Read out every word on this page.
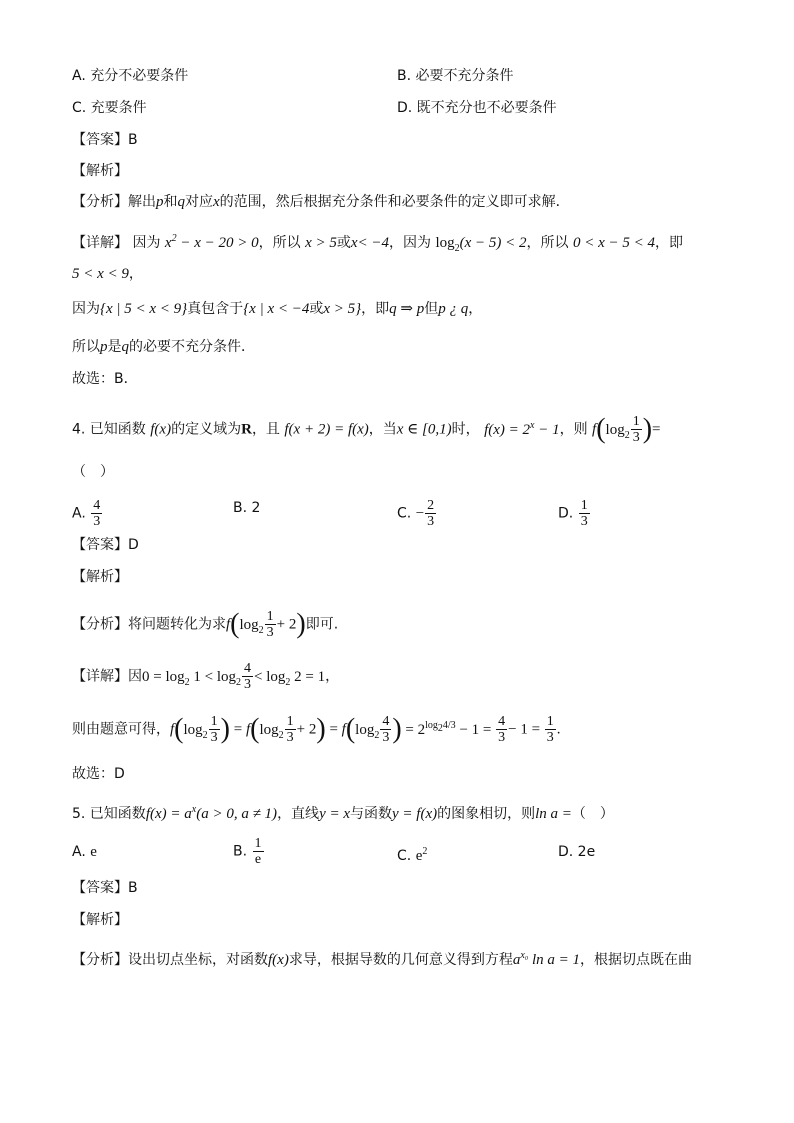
A. 充分不必要条件	B. 必要不充分条件
C. 充要条件	D. 既不充分也不必要条件
【答案】B
【解析】
【分析】解出p和q对应x的范围，然后根据充分条件和必要条件的定义即可求解．
【详解】 因为 $x^2 - x - 20 > 0$，所以 x > 5或x< −4，因为 $\log_2(x - 5) < 2$，所以 0 < x − 5 < 4，即
5 < x < 9，
因为{x | 5 < x < 9}真包含于{x | x < −4或x > 5}，即q ⇒ p但p ¿ q，
所以p是q的必要不充分条件．
故选：B．
4. 已知函数 f(x)的定义域为R，且 f(x + 2) = f(x)，当x ∈ [0,1)时， $f(x) = 2^x - 1$，则 $f(\log_2 \frac{1}{3}$ )=
（　）
A. $\frac{4}{3}$	B. 2	C. − $\frac{2}{3}$	D. $\frac{1}{3}$
【答案】D
【解析】
【分析】将问题转化为求$f(\log_2 \frac{1}{3} + 2)$即可.
【详解】因$0 = \log_2 1 < \log_2 \frac{4}{3} < \log_2 2 = 1$，
则由题意可得，$f(\log_2 \frac{1}{3}$ ) = $f(\log_2 \frac{1}{3} + 2) = f(\log_2 \frac{4}{3}$ ) = $2^{log_24/3} - 1 = \frac{4}{3} - 1 = \frac{1}{3}$ .
故选：D
5. 已知函数$f(x) = a^x(a > 0$, a ≠ 1)，直线y = x与函数y = f(x)的图象相切，则ln a =（　）
A. e	B. $\frac{1}{e}$	C. $e^2$	D. 2e
【答案】B
【解析】
【分析】设出切点坐标，对函数f(x)求导，根据导数的几何意义得到方程$a^{x_0}$ ln a = 1，根据切点既在曲
